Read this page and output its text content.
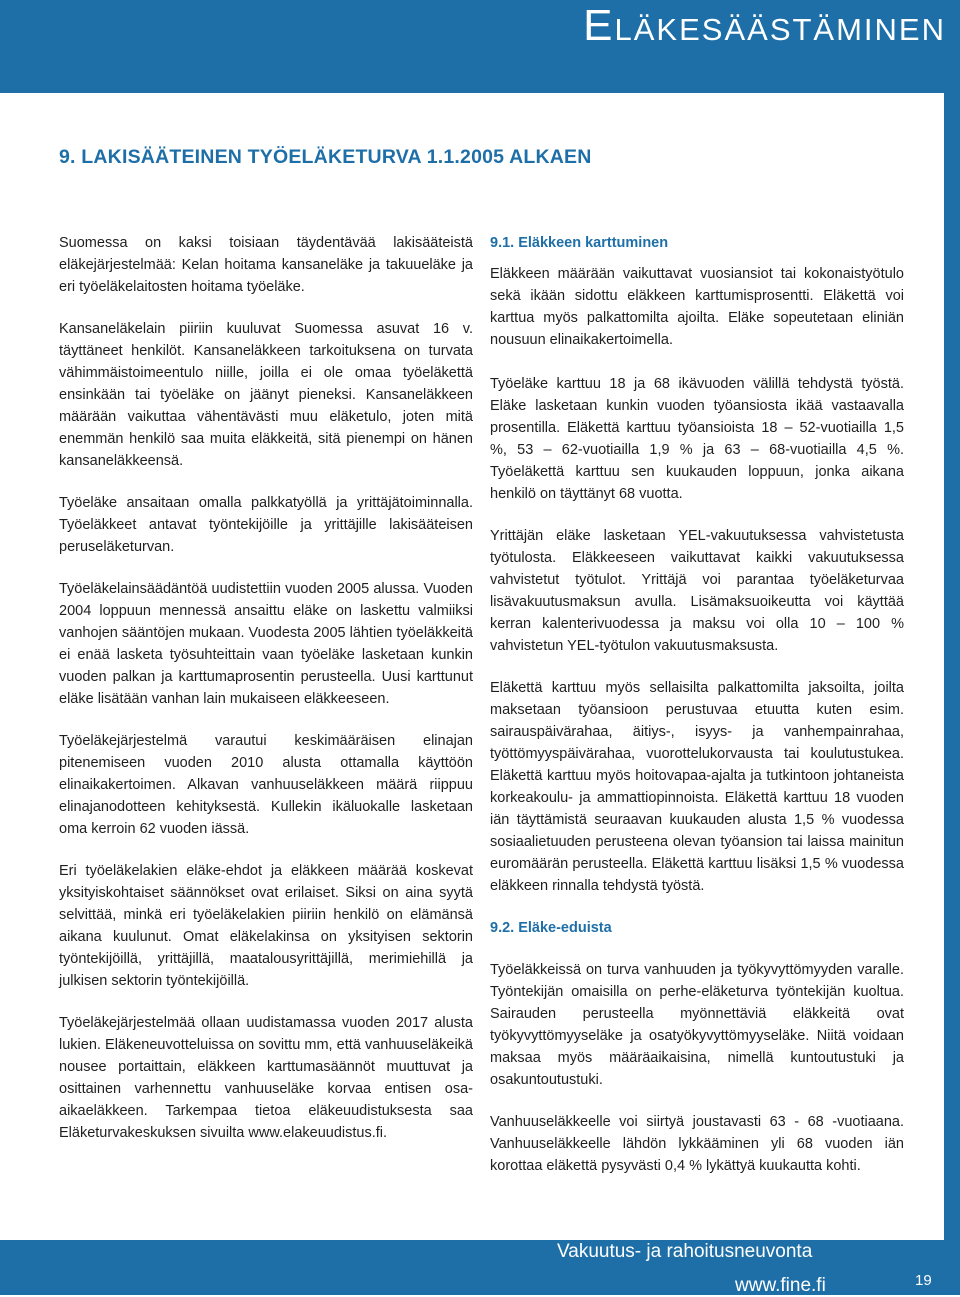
Eläkesäästäminen
9. LAKISÄÄTEINEN TYÖELÄKETURVA 1.1.2005 ALKAEN

Suomessa on kaksi toisiaan täydentävää lakisääteistä eläkejärjestelmää: Kelan hoitama kansaneläke ja takuueläke ja eri työeläkelaitosten hoitama työeläke.

Kansaneläkelain piiriin kuuluvat Suomessa asuvat 16 v. täyttäneet henkilöt. Kansaneläkkeen tarkoituksena on turvata vähimmäistoimeentulo niille, joilla ei ole omaa työeläkettä ensinkään tai työeläke on jäänyt pieneksi. Kansaneläkkeen määrään vaikuttaa vähentävästi muu eläketulo, joten mitä enemmän henkilö saa muita eläkkeitä, sitä pienempi on hänen kansaneläkkeensä.

Työeläke ansaitaan omalla palkkatyöllä ja yrittäjätoiminnalla. Työeläkkeet antavat työntekijöille ja yrittäjille lakisääteisen peruseläketurvan.

Työeläkelainsäädäntöä uudistettiin vuoden 2005 alussa. Vuoden 2004 loppuun mennessä ansaittu eläke on laskettu valmiiksi vanhojen sääntöjen mukaan. Vuodesta 2005 lähtien työeläkkeitä ei enää lasketa työsuhteittain vaan työeläke lasketaan kunkin vuoden palkan ja karttumaprosentin perusteella. Uusi karttunut eläke lisätään vanhan lain mukaiseen eläkkeeseen.

Työeläkejärjestelmä varautui keskimääräisen elinajan pitenemiseen vuoden 2010 alusta ottamalla käyttöön elinaikakertoimen. Alkavan vanhuuseläkkeen määrä riippuu elinajanodotteen kehityksestä. Kullekin ikäluokalle lasketaan oma kerroin 62 vuoden iässä.

Eri työeläkelakien eläke-ehdot ja eläkkeen määrää koskevat yksityiskohtaiset säännökset ovat erilaiset. Siksi on aina syytä selvittää, minkä eri työeläkelakien piiriin henkilö on elämänsä aikana kuulunut. Omat eläkelakinsa on yksityisen sektorin työntekijöillä, yrittäjillä, maatalousyrittäjillä, merimiehillä ja julkisen sektorin työntekijöillä.

Työeläkejärjestelmää ollaan uudistamassa vuoden 2017 alusta lukien. Eläkeneuvotteluissa on sovittu mm, että vanhuuseläkeikä nousee portaittain, eläkkeen karttumasäännöt muuttuvat ja osittainen varhennettu vanhuuseläke korvaa entisen osa-aikaeläkkeen. Tarkempaa tietoa eläkeuudistuksesta saa Eläketurvakeskuksen sivuilta www.elakeuudistus.fi.

9.1. Eläkkeen karttuminen

Eläkkeen määrään vaikuttavat vuosiansiot tai kokonaistyötulo sekä ikään sidottu eläkkeen karttumisprosentti. Eläkettä voi karttua myös palkattomilta ajoilta. Eläke sopeutetaan eliniän nousuun elinaikakertoimella.

Työeläke karttuu 18 ja 68 ikävuoden välillä tehdystä työstä. Eläke lasketaan kunkin vuoden työansiosta ikää vastaavalla prosentilla. Eläkettä karttuu työansioista 18 – 52-vuotiailla 1,5 %, 53 – 62-vuotiailla 1,9 % ja 63 – 68-vuotiailla 4,5 %. Työeläkettä karttuu sen kuukauden loppuun, jonka aikana henkilö on täyttänyt 68 vuotta.

Yrittäjän eläke lasketaan YEL-vakuutuksessa vahvistetusta työtulosta. Eläkkeeseen vaikuttavat kaikki vakuutuksessa vahvistetut työtulot. Yrittäjä voi parantaa työeläketurvaa lisävakuutusmaksun avulla. Lisämaksuoikeutta voi käyttää kerran kalenterivuodessa ja maksu voi olla 10 – 100 % vahvistetun YEL-työtulon vakuutusmaksusta.

Eläkettä karttuu myös sellaisilta palkattomilta jaksoilta, joilta maksetaan työansioon perustuvaa etuutta kuten esim. sairauspäivärahaa, äitiys-, isyys- ja vanhempainrahaa, työttömyyspäivärahaa, vuorottelukorvausta tai koulutustukea. Eläkettä karttuu myös hoitovapaa-ajalta ja tutkintoon johtaneista korkeakoulu- ja ammattiopinnoista. Eläkettä karttuu 18 vuoden iän täyttämistä seuraavan kuukauden alusta 1,5 % vuodessa sosiaalietuuden perusteena olevan työansion tai laissa mainitun euromäärän perusteella. Eläkettä karttuu lisäksi 1,5 % vuodessa eläkkeen rinnalla tehdystä työstä.

9.2. Eläke-eduista

Työeläkkeissä on turva vanhuuden ja työkyvyttömyyden varalle. Työntekijän omaisilla on perhe-eläketurva työntekijän kuoltua. Sairauden perusteella myönnettäviä eläkkeitä ovat työkyvyttömyyseläke ja osatyökyvyttömyyseläke. Niitä voidaan maksaa myös määräaikaisina, nimellä kuntoutustuki ja osakuntoutustuki.

Vanhuuseläkkeelle voi siirtyä joustavasti 63 - 68 -vuotiaana. Vanhuuseläkkeelle lähdön lykkääminen yli 68 vuoden iän korottaa eläkettä pysyvästi 0,4 % lykättyä kuukautta kohti.

Vakuutus- ja rahoitusneuvonta
www.fine.fi	19
